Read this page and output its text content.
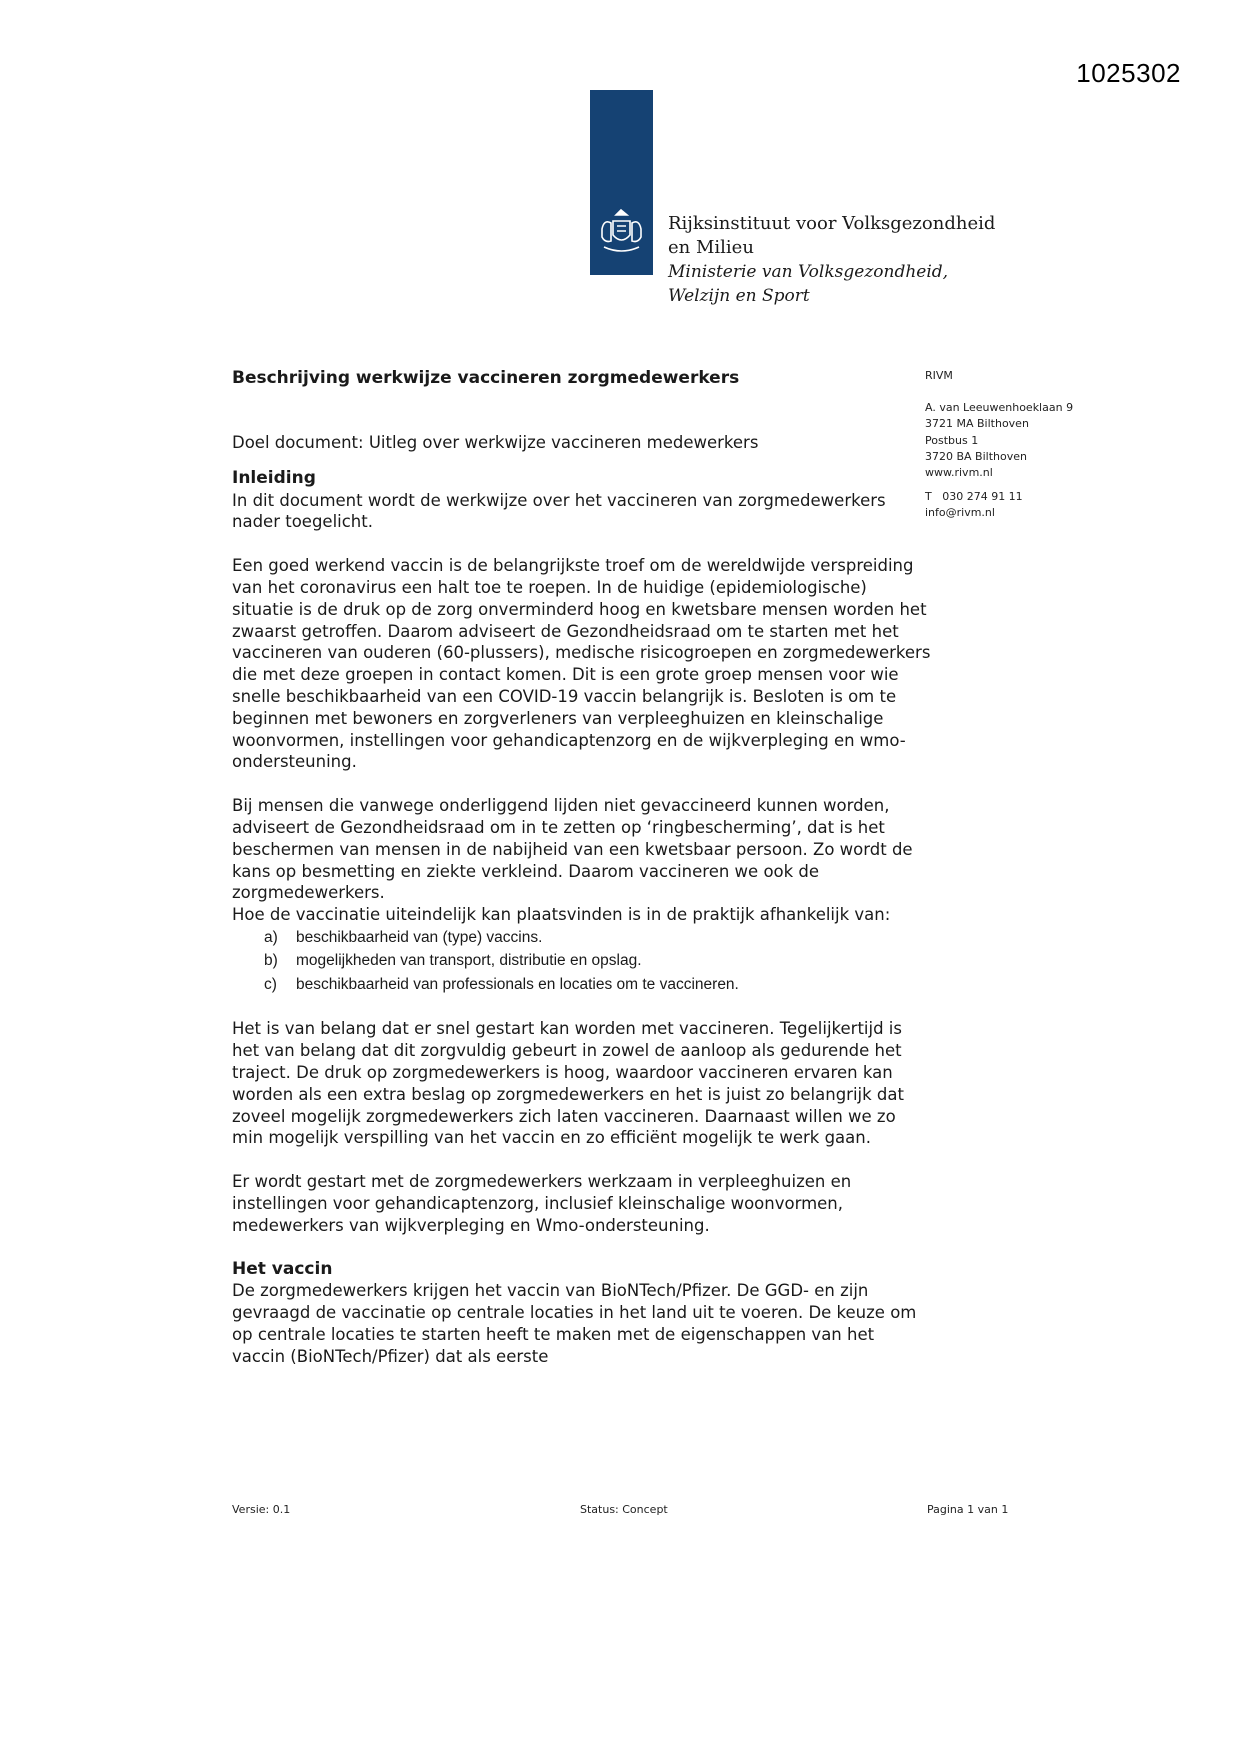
1025302
Rijksinstituut voor Volksgezondheid
en Milieu
Ministerie van Volksgezondheid,
Welzijn en Sport
Beschrijving werkwijze vaccineren zorgmedewerkers	RIVM
A. van Leeuwenhoeklaan 9
3721 MA Bilthoven
Postbus 1
3720 BA Bilthoven
www.rivm.nl
T   030 274 91 11
info@rivm.nl

Doel document: Uitleg over werkwijze vaccineren medewerkers

Inleiding

In dit document wordt de werkwijze over het vaccineren van zorgmedewerkers nader toegelicht.

Een goed werkend vaccin is de belangrijkste troef om de wereldwijde verspreiding van het coronavirus een halt toe te roepen. In de huidige (epidemiologische) situatie is de druk op de zorg onverminderd hoog en kwetsbare mensen worden het zwaarst getroffen. Daarom adviseert de Gezondheidsraad om te starten met het vaccineren van ouderen (60-plussers), medische risicogroepen en zorgmedewerkers die met deze groepen in contact komen. Dit is een grote groep mensen voor wie snelle beschikbaarheid van een COVID-19 vaccin belangrijk is. Besloten is om te beginnen met bewoners en zorgverleners van verpleeghuizen en kleinschalige woonvormen, instellingen voor gehandicaptenzorg en de wijkverpleging en wmo-ondersteuning.

Bij mensen die vanwege onderliggend lijden niet gevaccineerd kunnen worden, adviseert de Gezondheidsraad om in te zetten op ‘ringbescherming’, dat is het beschermen van mensen in de nabijheid van een kwetsbaar persoon. Zo wordt de kans op besmetting en ziekte verkleind. Daarom vaccineren we ook de zorgmedewerkers.

Hoe de vaccinatie uiteindelijk kan plaatsvinden is in de praktijk afhankelijk van:

a)	beschikbaarheid van (type) vaccins.
b)	mogelijkheden van transport, distributie en opslag.
c)	beschikbaarheid van professionals en locaties om te vaccineren.

Het is van belang dat er snel gestart kan worden met vaccineren. Tegelijkertijd is het van belang dat dit zorgvuldig gebeurt in zowel de aanloop als gedurende het traject. De druk op zorgmedewerkers is hoog, waardoor vaccineren ervaren kan worden als een extra beslag op zorgmedewerkers en het is juist zo belangrijk dat zoveel mogelijk zorgmedewerkers zich laten vaccineren. Daarnaast willen we zo min mogelijk verspilling van het vaccin en zo efficiënt mogelijk te werk gaan.

Er wordt gestart met de zorgmedewerkers werkzaam in verpleeghuizen en instellingen voor gehandicaptenzorg, inclusief kleinschalige woonvormen, medewerkers van wijkverpleging en Wmo-ondersteuning.

Het vaccin

De zorgmedewerkers krijgen het vaccin van BioNTech/Pfizer. De GGD- en zijn gevraagd de vaccinatie op centrale locaties in het land uit te voeren. De keuze om op centrale locaties te starten heeft te maken met de eigenschappen van het vaccin (BioNTech/Pfizer) dat als eerste

Versie: 0.1	Status: Concept	Pagina 1 van 1
